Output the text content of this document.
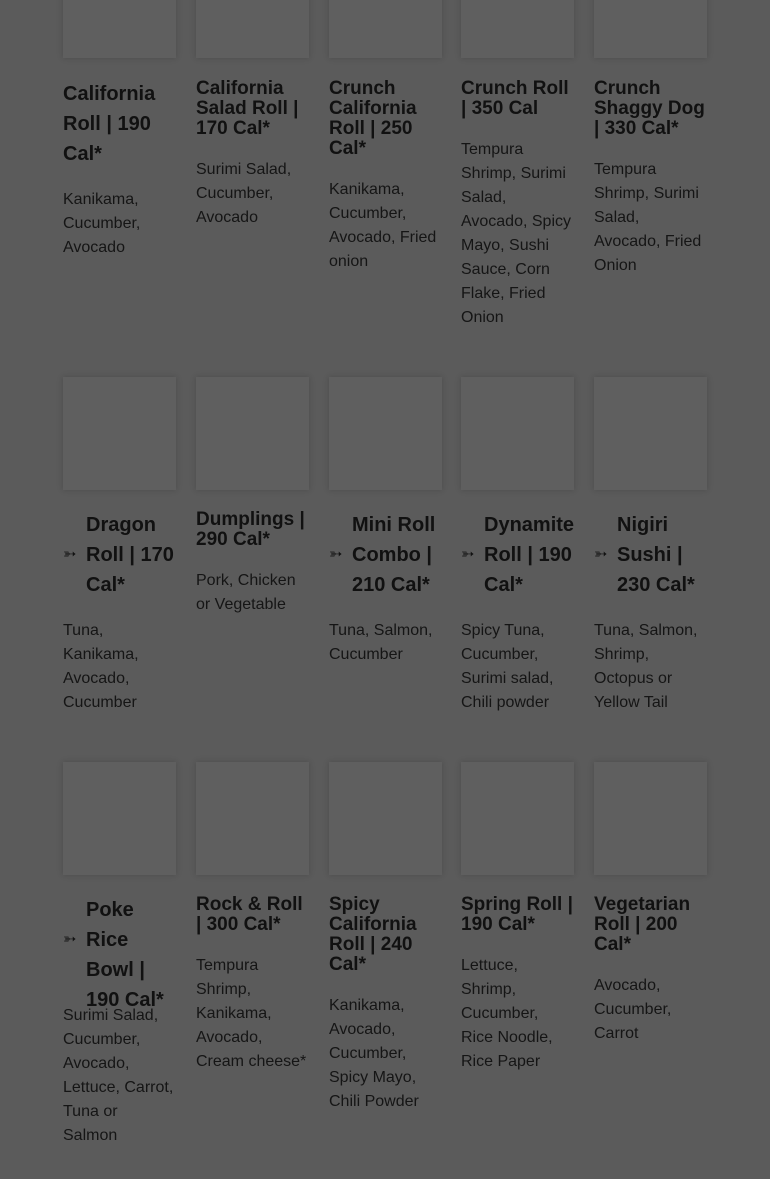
California Roll | 190 Cal*
Kanikama, Cucumber, Avocado
California Salad Roll | 170 Cal*
Surimi Salad, Cucumber, Avocado
Crunch California Roll | 250 Cal*
Kanikama, Cucumber, Avocado, Fried onion
Crunch Roll | 350 Cal
Tempura Shrimp, Surimi Salad, Avocado, Spicy Mayo, Sushi Sauce, Corn Flake, Fried Onion
Crunch Shaggy Dog | 330 Cal*
Tempura Shrimp, Surimi Salad, Avocado, Fried Onion
➳
Dragon Roll | 170 Cal*
Tuna, Kanikama, Avocado, Cucumber
Dumplings | 290 Cal*
Pork, Chicken or Vegetable
➳
Mini Roll Combo | 210 Cal*
Tuna, Salmon, Cucumber
➳
Dynamite Roll | 190 Cal*
Spicy Tuna, Cucumber, Surimi salad, Chili powder
➳
Nigiri Sushi | 230 Cal*
Tuna, Salmon, Shrimp, Octopus or Yellow Tail
➳
Poke Rice Bowl | 190 Cal*
Surimi Salad, Cucumber, Avocado, Lettuce, Carrot, Tuna or Salmon
Rock & Roll | 300 Cal*
Tempura Shrimp, Kanikama, Avocado, Cream cheese*
Spicy California Roll | 240 Cal*
Kanikama, Avocado, Cucumber, Spicy Mayo, Chili Powder
Spring Roll | 190 Cal*
Lettuce, Shrimp, Cucumber, Rice Noodle, Rice Paper
Vegetarian Roll | 200 Cal*
Avocado, Cucumber, Carrot
